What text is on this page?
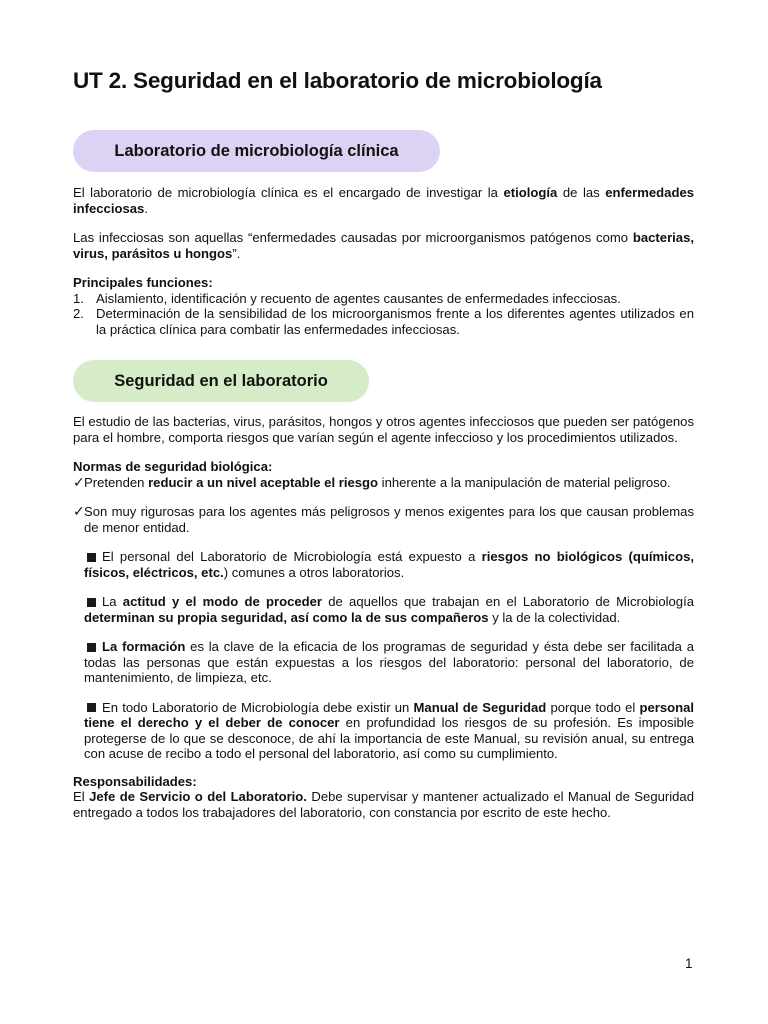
UT 2. Seguridad en el laboratorio de microbiología
Laboratorio de microbiología clínica

El laboratorio de microbiología clínica es el encargado de investigar la etiología de las enfermedades infecciosas.

Las infecciosas son aquellas “enfermedades causadas por microorganismos patógenos como bacterias, virus, parásitos u hongos”.

Principales funciones:

1. Aislamiento, identificación y recuento de agentes causantes de enfermedades infecciosas.
2. Determinación de la sensibilidad de los microorganismos frente a los diferentes agentes utilizados en la práctica clínica para combatir las enfermedades infecciosas.
Seguridad en el laboratorio

El estudio de las bacterias, virus, parásitos, hongos y otros agentes infecciosos que pueden ser patógenos para el hombre, comporta riesgos que varían según el agente infeccioso y los procedimientos utilizados.

Normas de seguridad biológica:

✓ Pretenden reducir a un nivel aceptable el riesgo inherente a la manipulación de material peligroso.
✓ Son muy rigurosas para los agentes más peligrosos y menos exigentes para los que causan problemas de menor entidad.

El personal del Laboratorio de Microbiología está expuesto a riesgos no biológicos (químicos, físicos, eléctricos, etc.) comunes a otros laboratorios.

La actitud y el modo de proceder de aquellos que trabajan en el Laboratorio de Microbiología determinan su propia seguridad, así como la de sus compañeros y la de la colectividad.

La formación es la clave de la eficacia de los programas de seguridad y ésta debe ser facilitada a todas las personas que están expuestas a los riesgos del laboratorio: personal del laboratorio, de mantenimiento, de limpieza, etc.

En todo Laboratorio de Microbiología debe existir un Manual de Seguridad porque todo el personal tiene el derecho y el deber de conocer en profundidad los riesgos de su profesión. Es imposible protegerse de lo que se desconoce, de ahí la importancia de este Manual, su revisión anual, su entrega con acuse de recibo a todo el personal del laboratorio, así como su cumplimiento.

Responsabilidades:

El Jefe de Servicio o del Laboratorio. Debe supervisar y mantener actualizado el Manual de Seguridad entregado a todos los trabajadores del laboratorio, con constancia por escrito de este hecho.

1
